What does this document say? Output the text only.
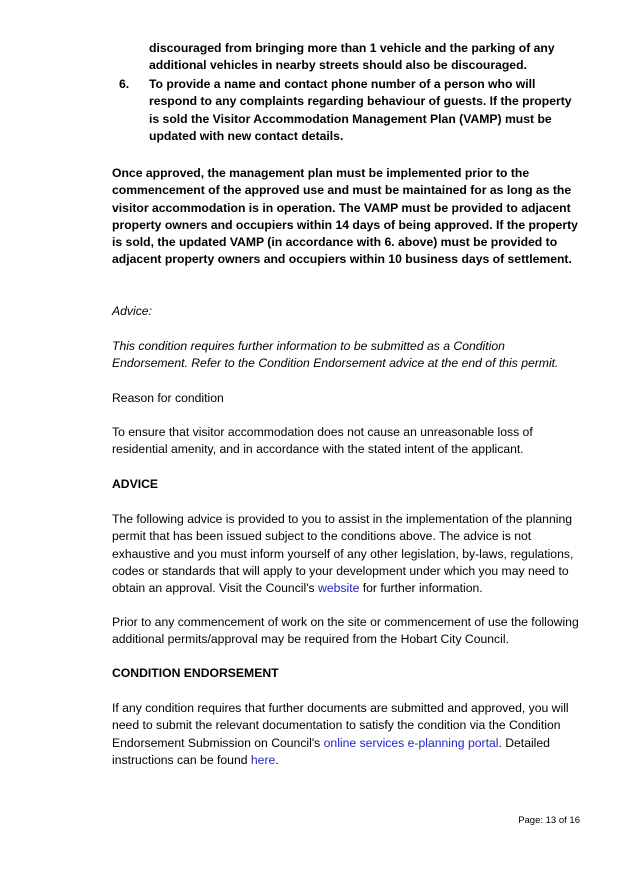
discouraged from bringing more than 1 vehicle and the parking of any additional vehicles in nearby streets should also be discouraged.
6. To provide a name and contact phone number of a person who will respond to any complaints regarding behaviour of guests. If the property is sold the Visitor Accommodation Management Plan (VAMP) must be updated with new contact details.

Once approved, the management plan must be implemented prior to the commencement of the approved use and must be maintained for as long as the visitor accommodation is in operation. The VAMP must be provided to adjacent property owners and occupiers within 14 days of being approved. If the property is sold, the updated VAMP (in accordance with 6. above) must be provided to adjacent property owners and occupiers within 10 business days of settlement.

Advice:

This condition requires further information to be submitted as a Condition Endorsement. Refer to the Condition Endorsement advice at the end of this permit.

Reason for condition

To ensure that visitor accommodation does not cause an unreasonable loss of residential amenity, and in accordance with the stated intent of the applicant.

ADVICE

The following advice is provided to you to assist in the implementation of the planning permit that has been issued subject to the conditions above. The advice is not exhaustive and you must inform yourself of any other legislation, by-laws, regulations, codes or standards that will apply to your development under which you may need to obtain an approval. Visit the Council's website for further information.

Prior to any commencement of work on the site or commencement of use the following additional permits/approval may be required from the Hobart City Council.

CONDITION ENDORSEMENT

If any condition requires that further documents are submitted and approved, you will need to submit the relevant documentation to satisfy the condition via the Condition Endorsement Submission on Council's online services e-planning portal. Detailed instructions can be found here.

Page: 13 of 16
